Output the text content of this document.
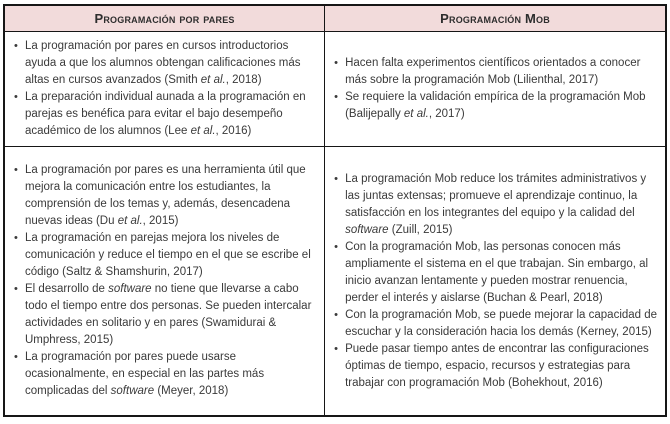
Programación por pares	Programación Mob
• La programación por pares en cursos introductorios ayuda a que los alumnos obtengan calificaciones más altas en cursos avanzados (Smith et al., 2018)
• La preparación individual aunada a la programación en parejas es benéfica para evitar el bajo desempeño académico de los alumnos (Lee et al., 2016)
• Hacen falta experimentos científicos orientados a conocer más sobre la programación Mob (Lilienthal, 2017)
• Se requiere la validación empírica de la programación Mob (Balijepally et al., 2017)
• La programación por pares es una herramienta útil que mejora la comunicación entre los estudiantes, la comprensión de los temas y, además, desencadena nuevas ideas (Du et al., 2015)
• La programación en parejas mejora los niveles de comunicación y reduce el tiempo en el que se escribe el código (Saltz & Shamshurin, 2017)
• El desarrollo de software no tiene que llevarse a cabo todo el tiempo entre dos personas. Se pueden intercalar actividades en solitario y en pares (Swamidurai & Umphress, 2015)
• La programación por pares puede usarse ocasionalmente, en especial en las partes más complicadas del software (Meyer, 2018)
• La programación Mob reduce los trámites administrativos y las juntas extensas; promueve el aprendizaje continuo, la satisfacción en los integrantes del equipo y la calidad del software (Zuill, 2015)
• Con la programación Mob, las personas conocen más ampliamente el sistema en el que trabajan. Sin embargo, al inicio avanzan lentamente y pueden mostrar renuencia, perder el interés y aislarse (Buchan & Pearl, 2018)
• Con la programación Mob, se puede mejorar la capacidad de escuchar y la consideración hacia los demás (Kerney, 2015)
• Puede pasar tiempo antes de encontrar las configuraciones óptimas de tiempo, espacio, recursos y estrategias para trabajar con programación Mob (Bohekhout, 2016)
